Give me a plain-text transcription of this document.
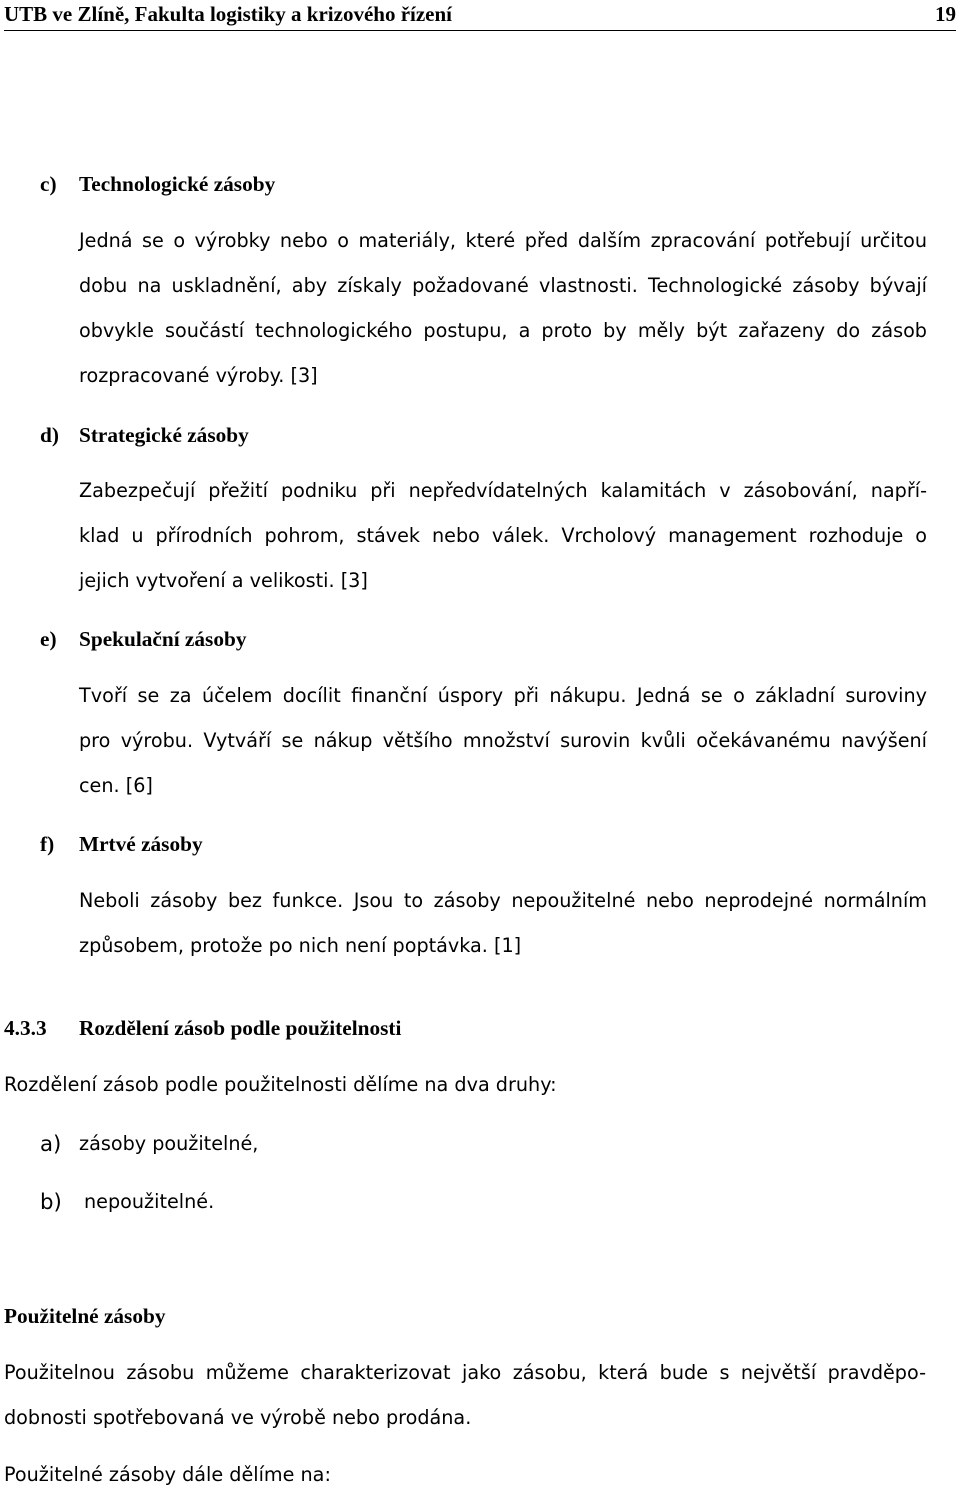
UTB ve Zlíně, Fakulta logistiky a krizového řízení	19
c) Technologické zásoby
Jedná se o výrobky nebo o materiály, které před dalším zpracování potřebují určitou
dobu na uskladnění, aby získaly požadované vlastnosti. Technologické zásoby bývají
obvykle součástí technologického postupu, a proto by měly být zařazeny do zásob
rozpracované výroby. [3]
d) Strategické zásoby
Zabezpečují přežití podniku při nepředvídatelných kalamitách v zásobování, napří-
klad u přírodních pohrom, stávek nebo válek. Vrcholový management rozhoduje o
jejich vytvoření a velikosti. [3]
e) Spekulační zásoby
Tvoří se za účelem docílit finanční úspory při nákupu. Jedná se o základní suroviny
pro výrobu. Vytváří se nákup většího množství surovin kvůli očekávanému navýšení
cen. [6]
f) Mrtvé zásoby
Neboli zásoby bez funkce. Jsou to zásoby nepoužitelné nebo neprodejné normálním
způsobem, protože po nich není poptávka. [1]
4.3.3 Rozdělení zásob podle použitelnosti
Rozdělení zásob podle použitelnosti dělíme na dva druhy:
a) zásoby použitelné,
b) nepoužitelné.
Použitelné zásoby
Použitelnou zásobu můžeme charakterizovat jako zásobu, která bude s největší pravděpo-
dobnosti spotřebovaná ve výrobě nebo prodána.
Použitelné zásoby dále dělíme na:
